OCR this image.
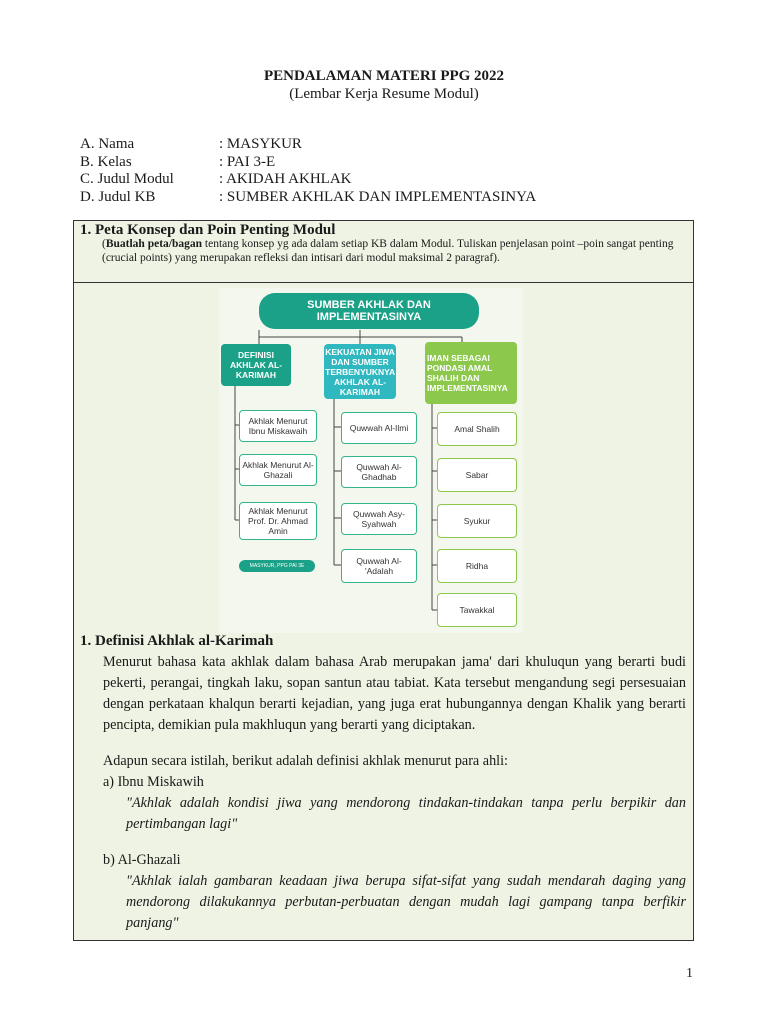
PENDALAMAN MATERI PPG 2022
(Lembar Kerja Resume Modul)
A. Nama	: MASYKUR
B. Kelas	: PAI 3-E
C. Judul Modul	: AKIDAH AKHLAK
D. Judul KB	: SUMBER AKHLAK DAN IMPLEMENTASINYA
1. Peta Konsep dan Poin Penting Modul
(Buatlah peta/bagan tentang konsep yg ada dalam setiap KB dalam Modul. Tuliskan penjelasan point –poin sangat penting (crucial points) yang merupakan refleksi dan intisari dari modul maksimal 2 paragraf).
SUMBER AKHLAK DAN IMPLEMENTASINYA
DEFINISI AKHLAK AL-KARIMAH
KEKUATAN JIWA DAN SUMBER TERBENYUKNYA AKHLAK AL-KARIMAH
IMAN SEBAGAI PONDASI AMAL SHALIH DAN IMPLEMENTASINYA
Akhlak Menurut Ibnu Miskawaih
Akhlak Menurut Al-Ghazali
Akhlak Menurut Prof. Dr. Ahmad Amin
MASYKUR, PPG PAI 3E
Quwwah Al-Ilmi
Quwwah Al-Ghadhab
Quwwah Asy-Syahwah
Quwwah Al-'Adalah
Amal Shalih
Sabar
Syukur
Ridha
Tawakkal
1. Definisi Akhlak al-Karimah
Menurut bahasa kata akhlak dalam bahasa Arab merupakan jama' dari khuluqun yang berarti budi pekerti, perangai, tingkah laku, sopan santun atau tabiat. Kata tersebut mengandung segi persesuaian dengan perkataan khalqun berarti kejadian, yang juga erat hubungannya dengan Khalik yang berarti pencipta, demikian pula makhluqun yang berarti yang diciptakan.
Adapun secara istilah, berikut adalah definisi akhlak menurut para ahli:
a) Ibnu Miskawih
"Akhlak adalah kondisi jiwa yang mendorong tindakan-tindakan tanpa perlu berpikir dan pertimbangan lagi"
b) Al-Ghazali
"Akhlak ialah gambaran keadaan jiwa berupa sifat-sifat yang sudah mendarah daging yang mendorong dilakukannya perbutan-perbuatan dengan mudah lagi gampang tanpa berfikir panjang"
1
